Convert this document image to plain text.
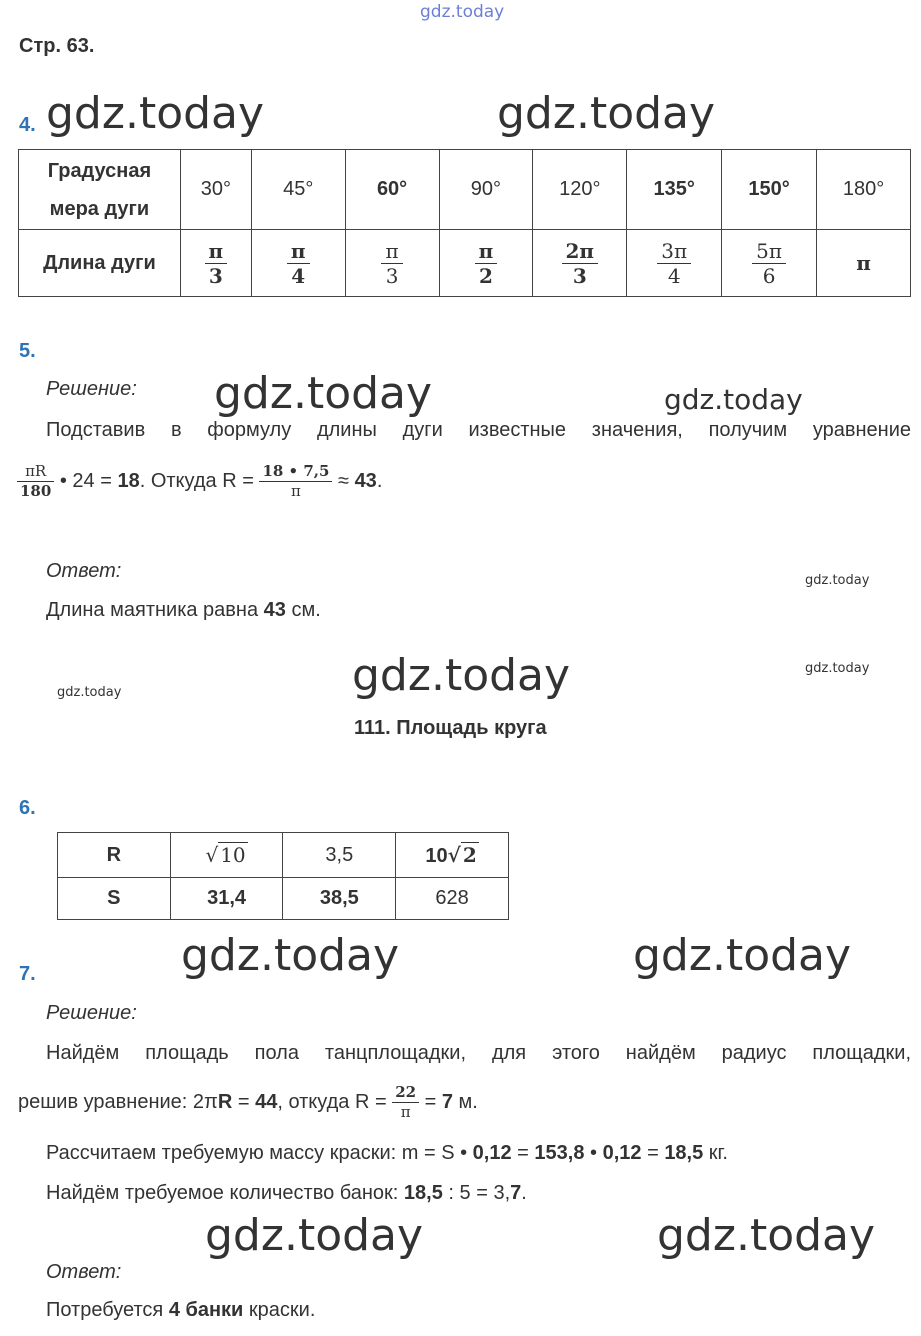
gdz.today
Стр. 63.
4. gdz.today	gdz.today
Градусная
мера дуги	30°	45°	60°	90°	120°	135°	150°	180°
Длина дуги	$\frac{\pi}{3}$	$\frac{\pi}{4}$	$\frac{\pi}{3}$	$\frac{\pi}{2}$	$\frac{2\pi}{3}$	$\frac{3\pi}{4}$	$\frac{5\pi}{6}$	π
5.
Решение: gdz.today	gdz.today
Подставив в формулу длины дуги известные значения, получим уравнение
$\frac{\pi R}{180}$ • 24 = 18. Откуда $R = \frac{18 • 7,5}{\pi} \approx 43$.
Ответ:	gdz.today
Длина маятника равна 43 см.
gdz.today	gdz.today
gdz.today
111. Площадь круга
6.
R	√ 10	3,5	10√ 2
S	31,4	38,5	628
gdz.today	gdz.today
7.
Решение:
Найдём площадь пола танцплощадки, для этого найдём радиус площадки,
решив уравнение: 2πR = 44, откуда $R = \frac{22}{\pi} = 7$ м.
Рассчитаем требуемую массу краски: m = S • 0,12 = 153,8 • 0,12 = 18,5 кг.
Найдём требуемое количество банок: 18,5 : 5 = 3,7.
gdz.today	gdz.today
Ответ:
Потребуется 4 банки краски.
